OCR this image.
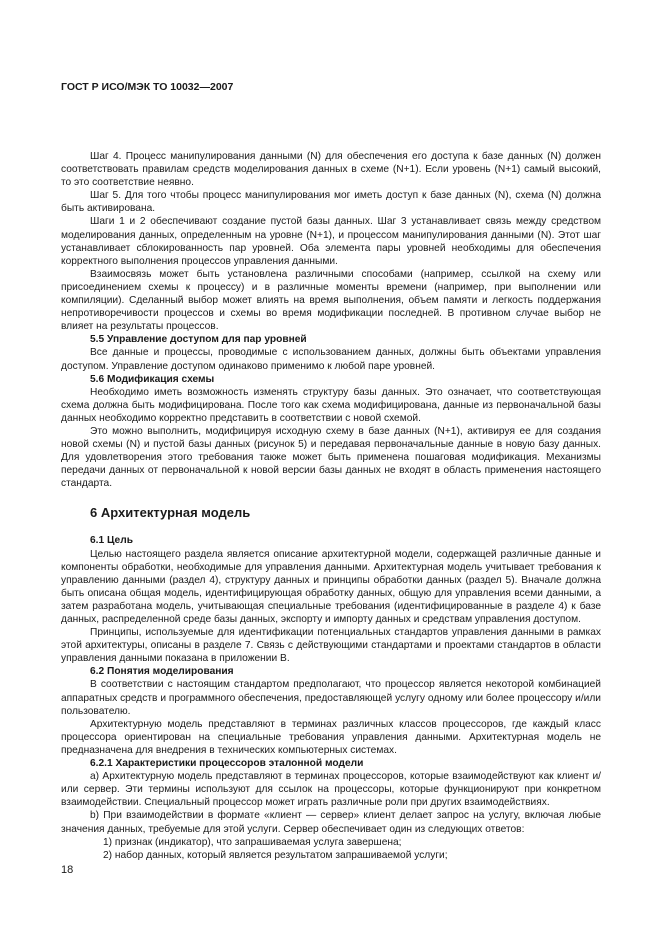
ГОСТ Р ИСО/МЭК ТО 10032—2007

Шаг 4. Процесс манипулирования данными (N) для обеспечения его доступа к базе данных (N) должен соответствовать правилам средств моделирования данных в схеме (N+1). Если уровень (N+1) самый высокий, то это соответствие неявно.

Шаг 5. Для того чтобы процесс манипулирования мог иметь доступ к базе данных (N), схема (N) должна быть активирована.

Шаги 1 и 2 обеспечивают создание пустой базы данных. Шаг 3 устанавливает связь между средством моделирования данных, определенным на уровне (N+1), и процессом манипулирования данными (N). Этот шаг устанавливает сблокированность пар уровней. Оба элемента пары уровней необходимы для обеспечения корректного выполнения процессов управления данными.

Взаимосвязь может быть установлена различными способами (например, ссылкой на схему или присоединением схемы к процессу) и в различные моменты времени (например, при выполнении или компиляции). Сделанный выбор может влиять на время выполнения, объем памяти и легкость поддержания непротиворечивости процессов и схемы во время модификации последней. В противном случае выбор не влияет на результаты процессов.

5.5 Управление доступом для пар уровней

Все данные и процессы, проводимые с использованием данных, должны быть объектами управления доступом. Управление доступом одинаково применимо к любой паре уровней.

5.6 Модификация схемы

Необходимо иметь возможность изменять структуру базы данных. Это означает, что соответствующая схема должна быть модифицирована. После того как схема модифицирована, данные из первоначальной базы данных необходимо корректно представить в соответствии с новой схемой.

Это можно выполнить, модифицируя исходную схему в базе данных (N+1), активируя ее для создания новой схемы (N) и пустой базы данных (рисунок 5) и передавая первоначальные данные в новую базу данных. Для удовлетворения этого требования также может быть применена пошаговая модификация. Механизмы передачи данных от первоначальной к новой версии базы данных не входят в область применения настоящего стандарта.

6 Архитектурная модель
6.1 Цель

Целью настоящего раздела является описание архитектурной модели, содержащей различные данные и компоненты обработки, необходимые для управления данными. Архитектурная модель учитывает требования к управлению данными (раздел 4), структуру данных и принципы обработки данных (раздел 5). Вначале должна быть описана общая модель, идентифицирующая обработку данных, общую для управления всеми данными, а затем разработана модель, учитывающая специальные требования (идентифицированные в разделе 4) к базе данных, распределенной среде базы данных, экспорту и импорту данных и средствам управления доступом.

Принципы, используемые для идентификации потенциальных стандартов управления данными в рамках этой архитектуры, описаны в разделе 7. Связь с действующими стандартами и проектами стандартов в области управления данными показана в приложении В.

6.2 Понятия моделирования

В соответствии с настоящим стандартом предполагают, что процессор является некоторой комбинацией аппаратных средств и программного обеспечения, предоставляющей услугу одному или более процессору и/или пользователю.

Архитектурную модель представляют в терминах различных классов процессоров, где каждый класс процессора ориентирован на специальные требования управления данными. Архитектурная модель не предназначена для внедрения в технических компьютерных системах.

6.2.1 Характеристики процессоров эталонной модели

а) Архитектурную модель представляют в терминах процессоров, которые взаимодействуют как клиент и/или сервер. Эти термины используют для ссылок на процессоры, которые функционируют при конкретном взаимодействии. Специальный процессор может играть различные роли при других взаимодействиях.

b) При взаимодействии в формате «клиент — сервер» клиент делает запрос на услугу, включая любые значения данных, требуемые для этой услуги. Сервер обеспечивает один из следующих ответов:

1) признак (индикатор), что запрашиваемая услуга завершена;

2) набор данных, который является результатом запрашиваемой услуги;

18
